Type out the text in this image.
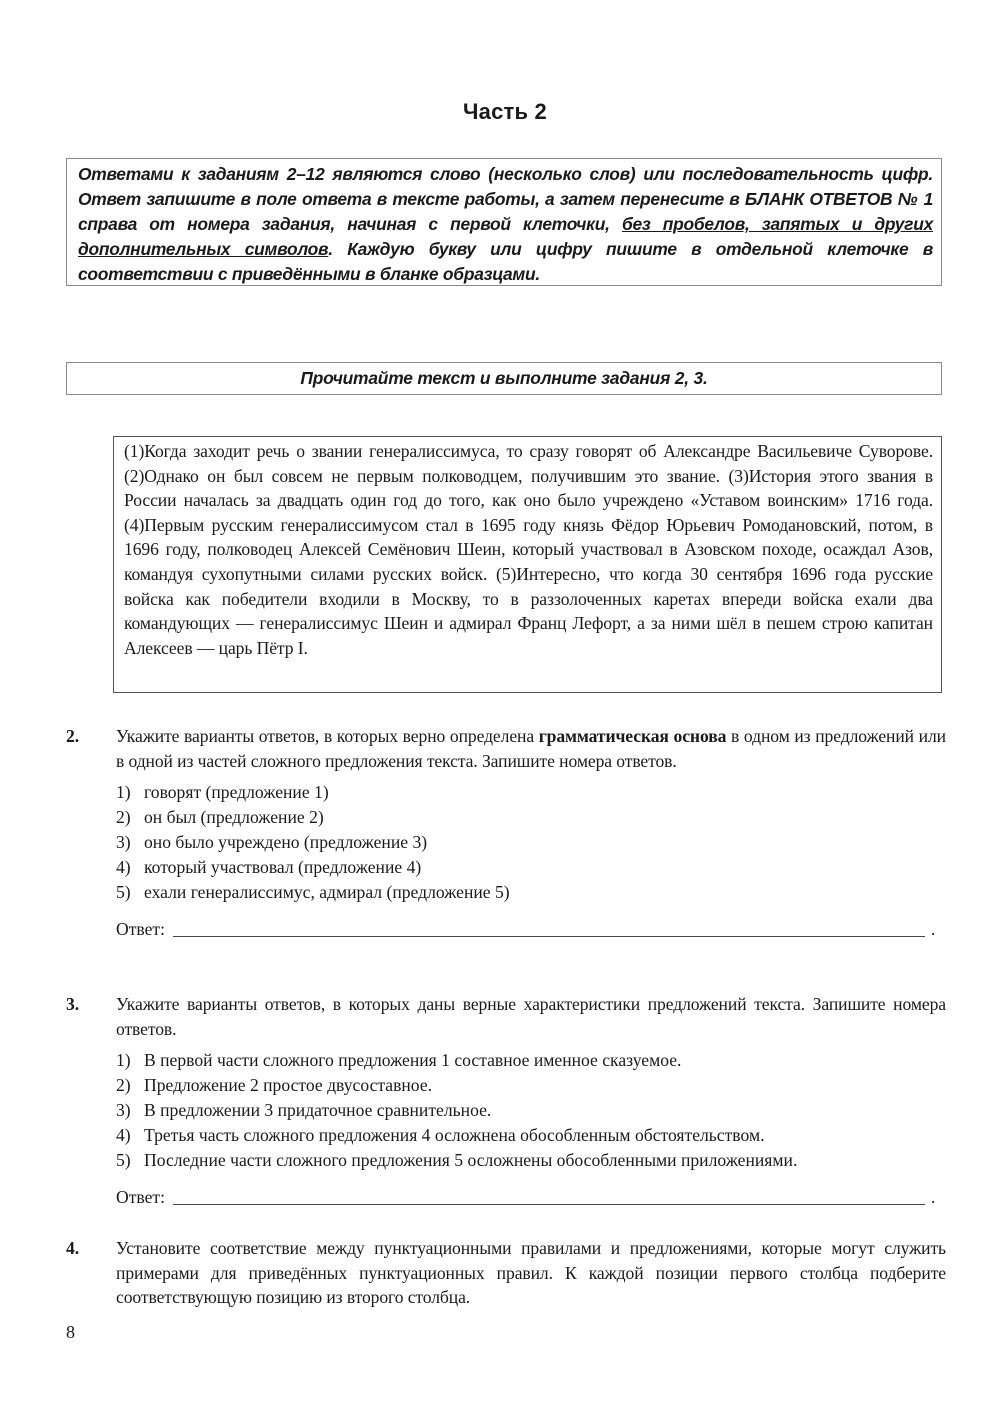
Часть 2
Ответами к заданиям 2–12 являются слово (несколько слов) или последовательность цифр. Ответ запишите в поле ответа в тексте работы, а затем перенесите в БЛАНК ОТВЕТОВ № 1 справа от номера задания, начиная с первой клеточки, без пробелов, запятых и других дополнительных символов. Каждую букву или цифру пишите в отдельной клеточке в соответствии с приведёнными в бланке образцами.
Прочитайте текст и выполните задания 2, 3.
(1)Когда заходит речь о звании генералиссимуса, то сразу говорят об Александре Васильевиче Суворове. (2)Однако он был совсем не первым полководцем, получившим это звание. (3)История этого звания в России началась за двадцать один год до того, как оно было учреждено «Уставом воинским» 1716 года. (4)Первым русским генералиссимусом стал в 1695 году князь Фёдор Юрьевич Ромодановский, потом, в 1696 году, полководец Алексей Семёнович Шеин, который участвовал в Азовском походе, осаждал Азов, командуя сухопутными силами русских войск. (5)Интересно, что когда 30 сентября 1696 года русские войска как победители входили в Москву, то в раззолоченных каретах впереди войска ехали два командующих — генералиссимус Шеин и адмирал Франц Лефорт, а за ними шёл в пешем строю капитан Алексеев — царь Пётр I.
2.	Укажите варианты ответов, в которых верно определена грамматическая основа в одном из предложений или в одной из частей сложного предложения текста. Запишите номера ответов.
1) говорят (предложение 1)
2) он был (предложение 2)
3) оно было учреждено (предложение 3)
4) который участвовал (предложение 4)
5) ехали генералиссимус, адмирал (предложение 5)
Ответ:	.
3.	Укажите варианты ответов, в которых даны верные характеристики предложений текста. Запишите номера ответов.
1) В первой части сложного предложения 1 составное именное сказуемое.
2) Предложение 2 простое двусоставное.
3) В предложении 3 придаточное сравнительное.
4) Третья часть сложного предложения 4 осложнена обособленным обстоятельством.
5) Последние части сложного предложения 5 осложнены обособленными приложениями.
Ответ:	.
4.	Установите соответствие между пунктуационными правилами и предложениями, которые могут служить примерами для приведённых пунктуационных правил. К каждой позиции первого столбца подберите соответствующую позицию из второго столбца.
8
